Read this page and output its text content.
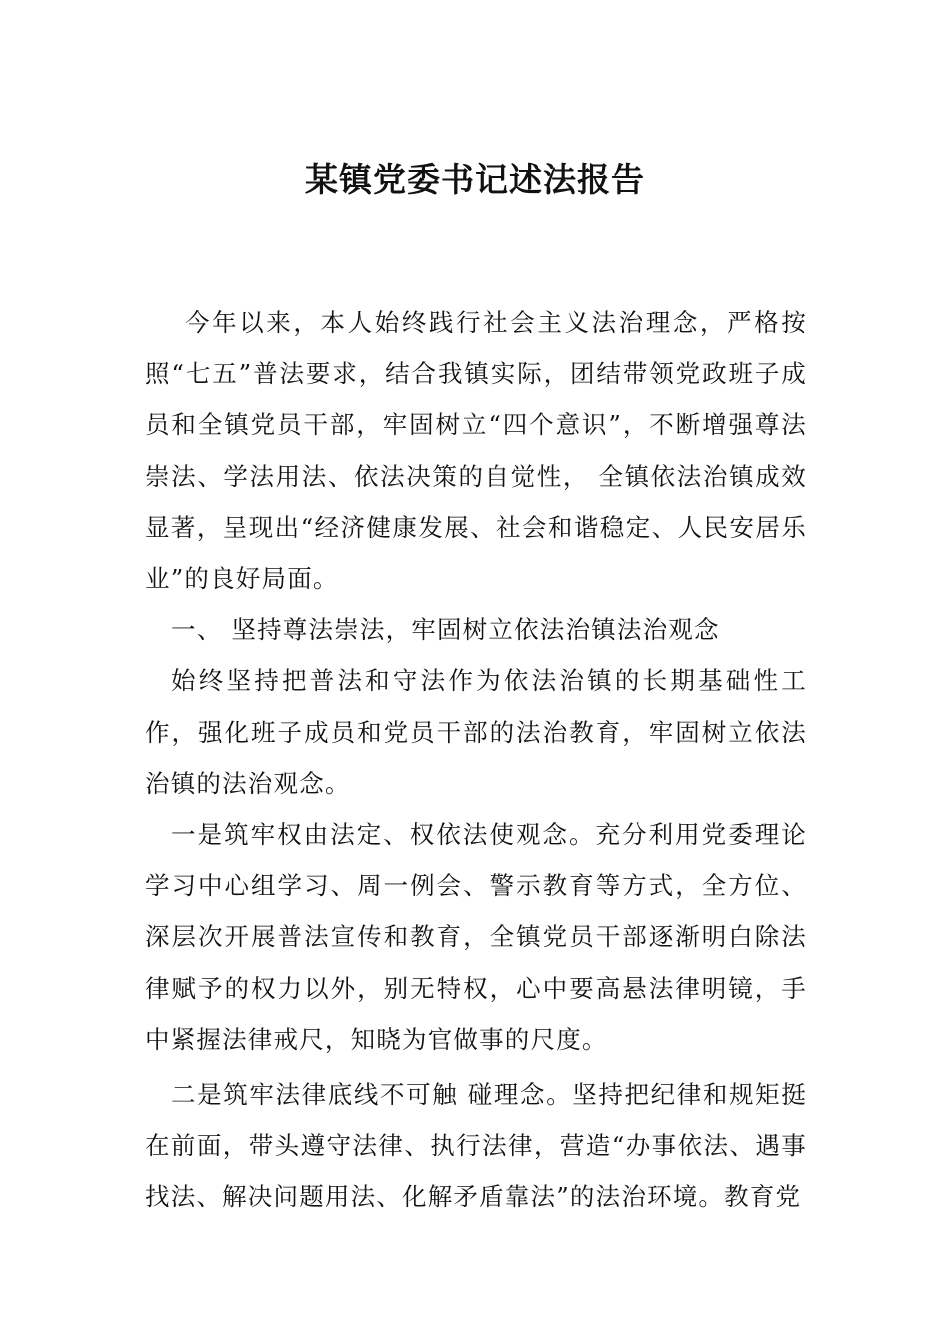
某镇党委书记述法报告

今年以来，本人始终践行社会主义法治理念，严格按照“七五”普法要求，结合我镇实际，团结带领党政班子成员和全镇党员干部，牢固树立“四个意识”，不断增强尊法崇法、学法用法、依法决策的自觉性， 全镇依法治镇成效显著，呈现出“经济健康发展、社会和谐稳定、人民安居乐业”的良好局面。

一、 坚持尊法崇法，牢固树立依法治镇法治观念

始终坚持把普法和守法作为依法治镇的长期基础性工作，强化班子成员和党员干部的法治教育，牢固树立依法治镇的法治观念。

一是筑牢权由法定、权依法使观念。充分利用党委理论学习中心组学习、周一例会、警示教育等方式，全方位、深层次开展普法宣传和教育，全镇党员干部逐渐明白除法律赋予的权力以外，别无特权，心中要高悬法律明镜，手中紧握法律戒尺，知晓为官做事的尺度。

二是筑牢法律底线不可触 碰理念。坚持把纪律和规矩挺在前面，带头遵守法律、执行法律，营造“办事依法、遇事找法、解决问题用法、化解矛盾靠法”的法治环境。教育党
